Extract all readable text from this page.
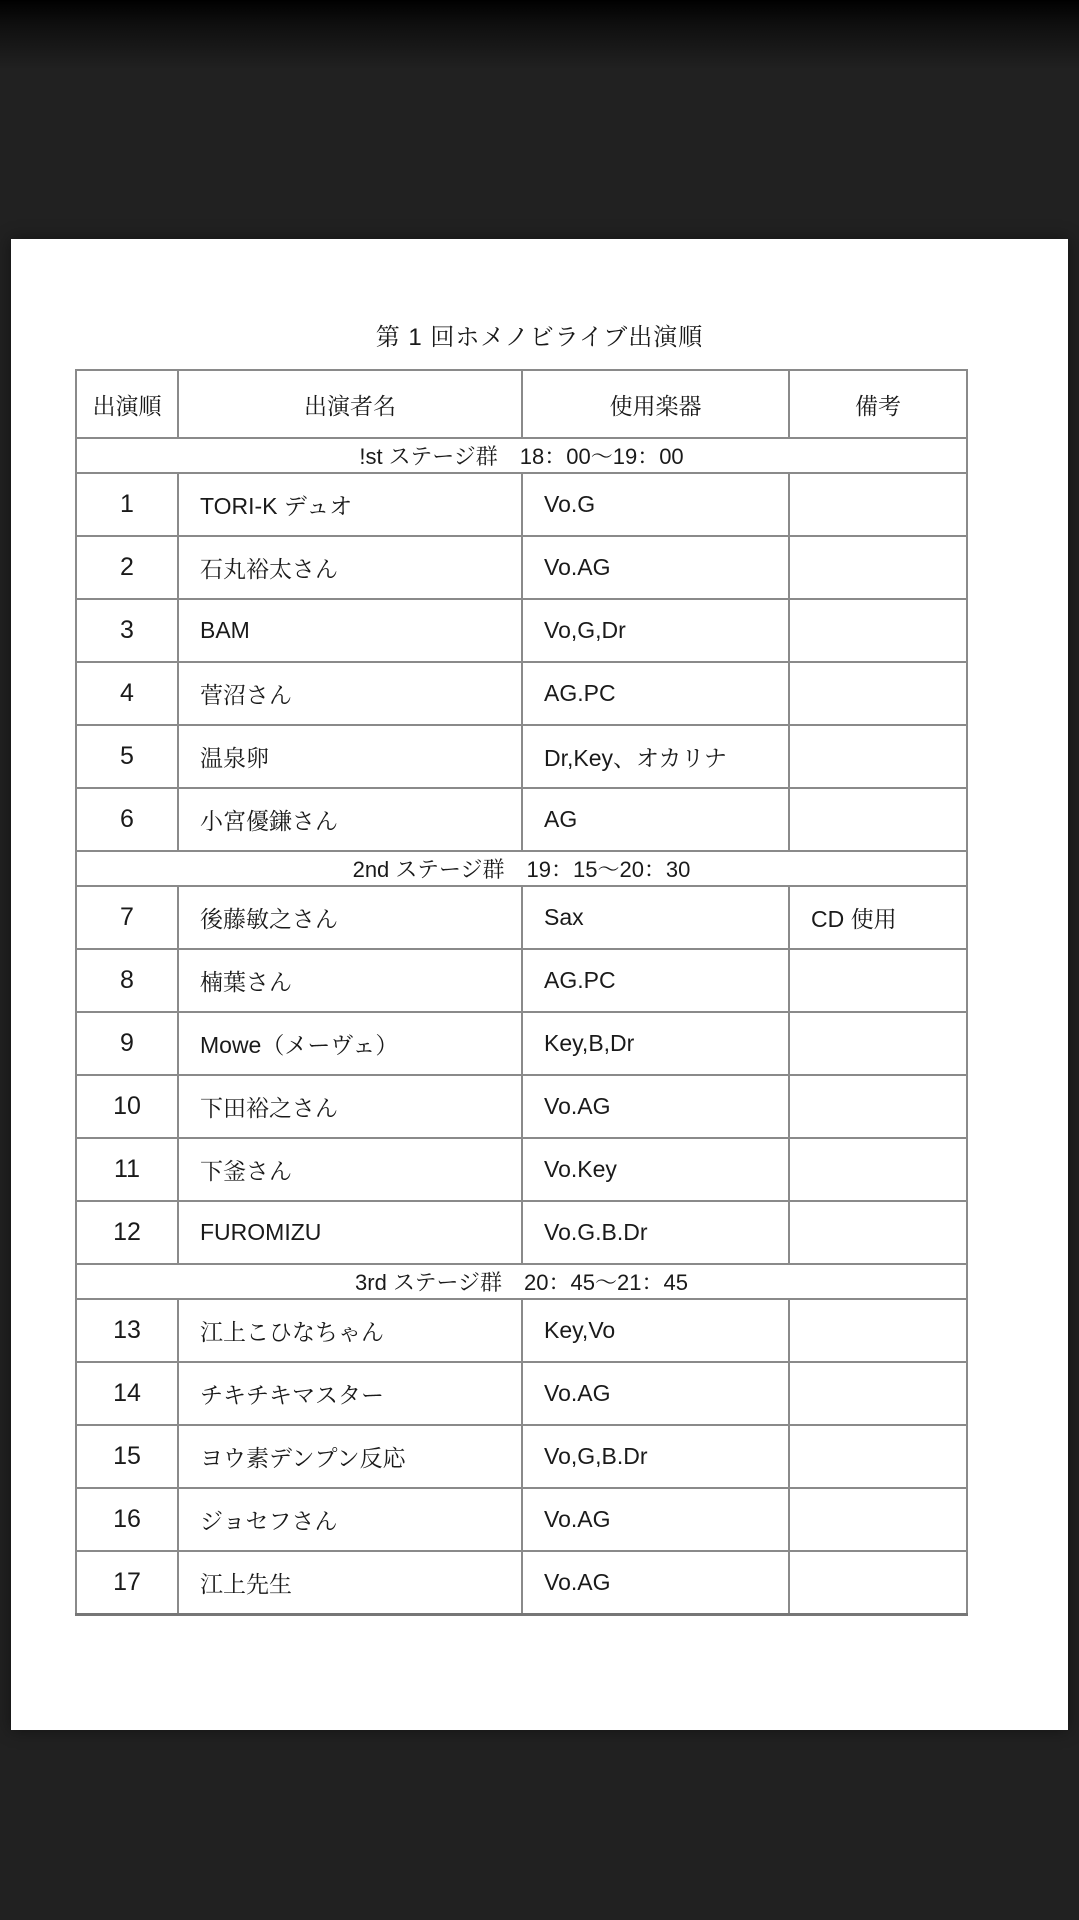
第 1 回ホメノビライブ出演順
出演順	出演者名	使用楽器	備考
!st ステージ群　18：00～19：00			
1	TORI-K デュオ	Vo.G	
2	石丸裕太さん	Vo.AG	
3	BAM	Vo,G,Dr	
4	菅沼さん	AG.PC	
5	温泉卵	Dr,Key、オカリナ	
6	小宮優鎌さん	AG	
2nd ステージ群　19：15～20：30			
7	後藤敏之さん	Sax	CD 使用
8	楠葉さん	AG.PC	
9	Mowe（メーヴェ）	Key,B,Dr	
10	下田裕之さん	Vo.AG	
11	下釜さん	Vo.Key	
12	FUROMIZU	Vo.G.B.Dr	
3rd ステージ群　20：45～21：45			
13	江上こひなちゃん	Key,Vo	
14	チキチキマスター	Vo.AG	
15	ヨウ素デンプン反応	Vo,G,B.Dr	
16	ジョセフさん	Vo.AG	
17	江上先生	Vo.AG	
